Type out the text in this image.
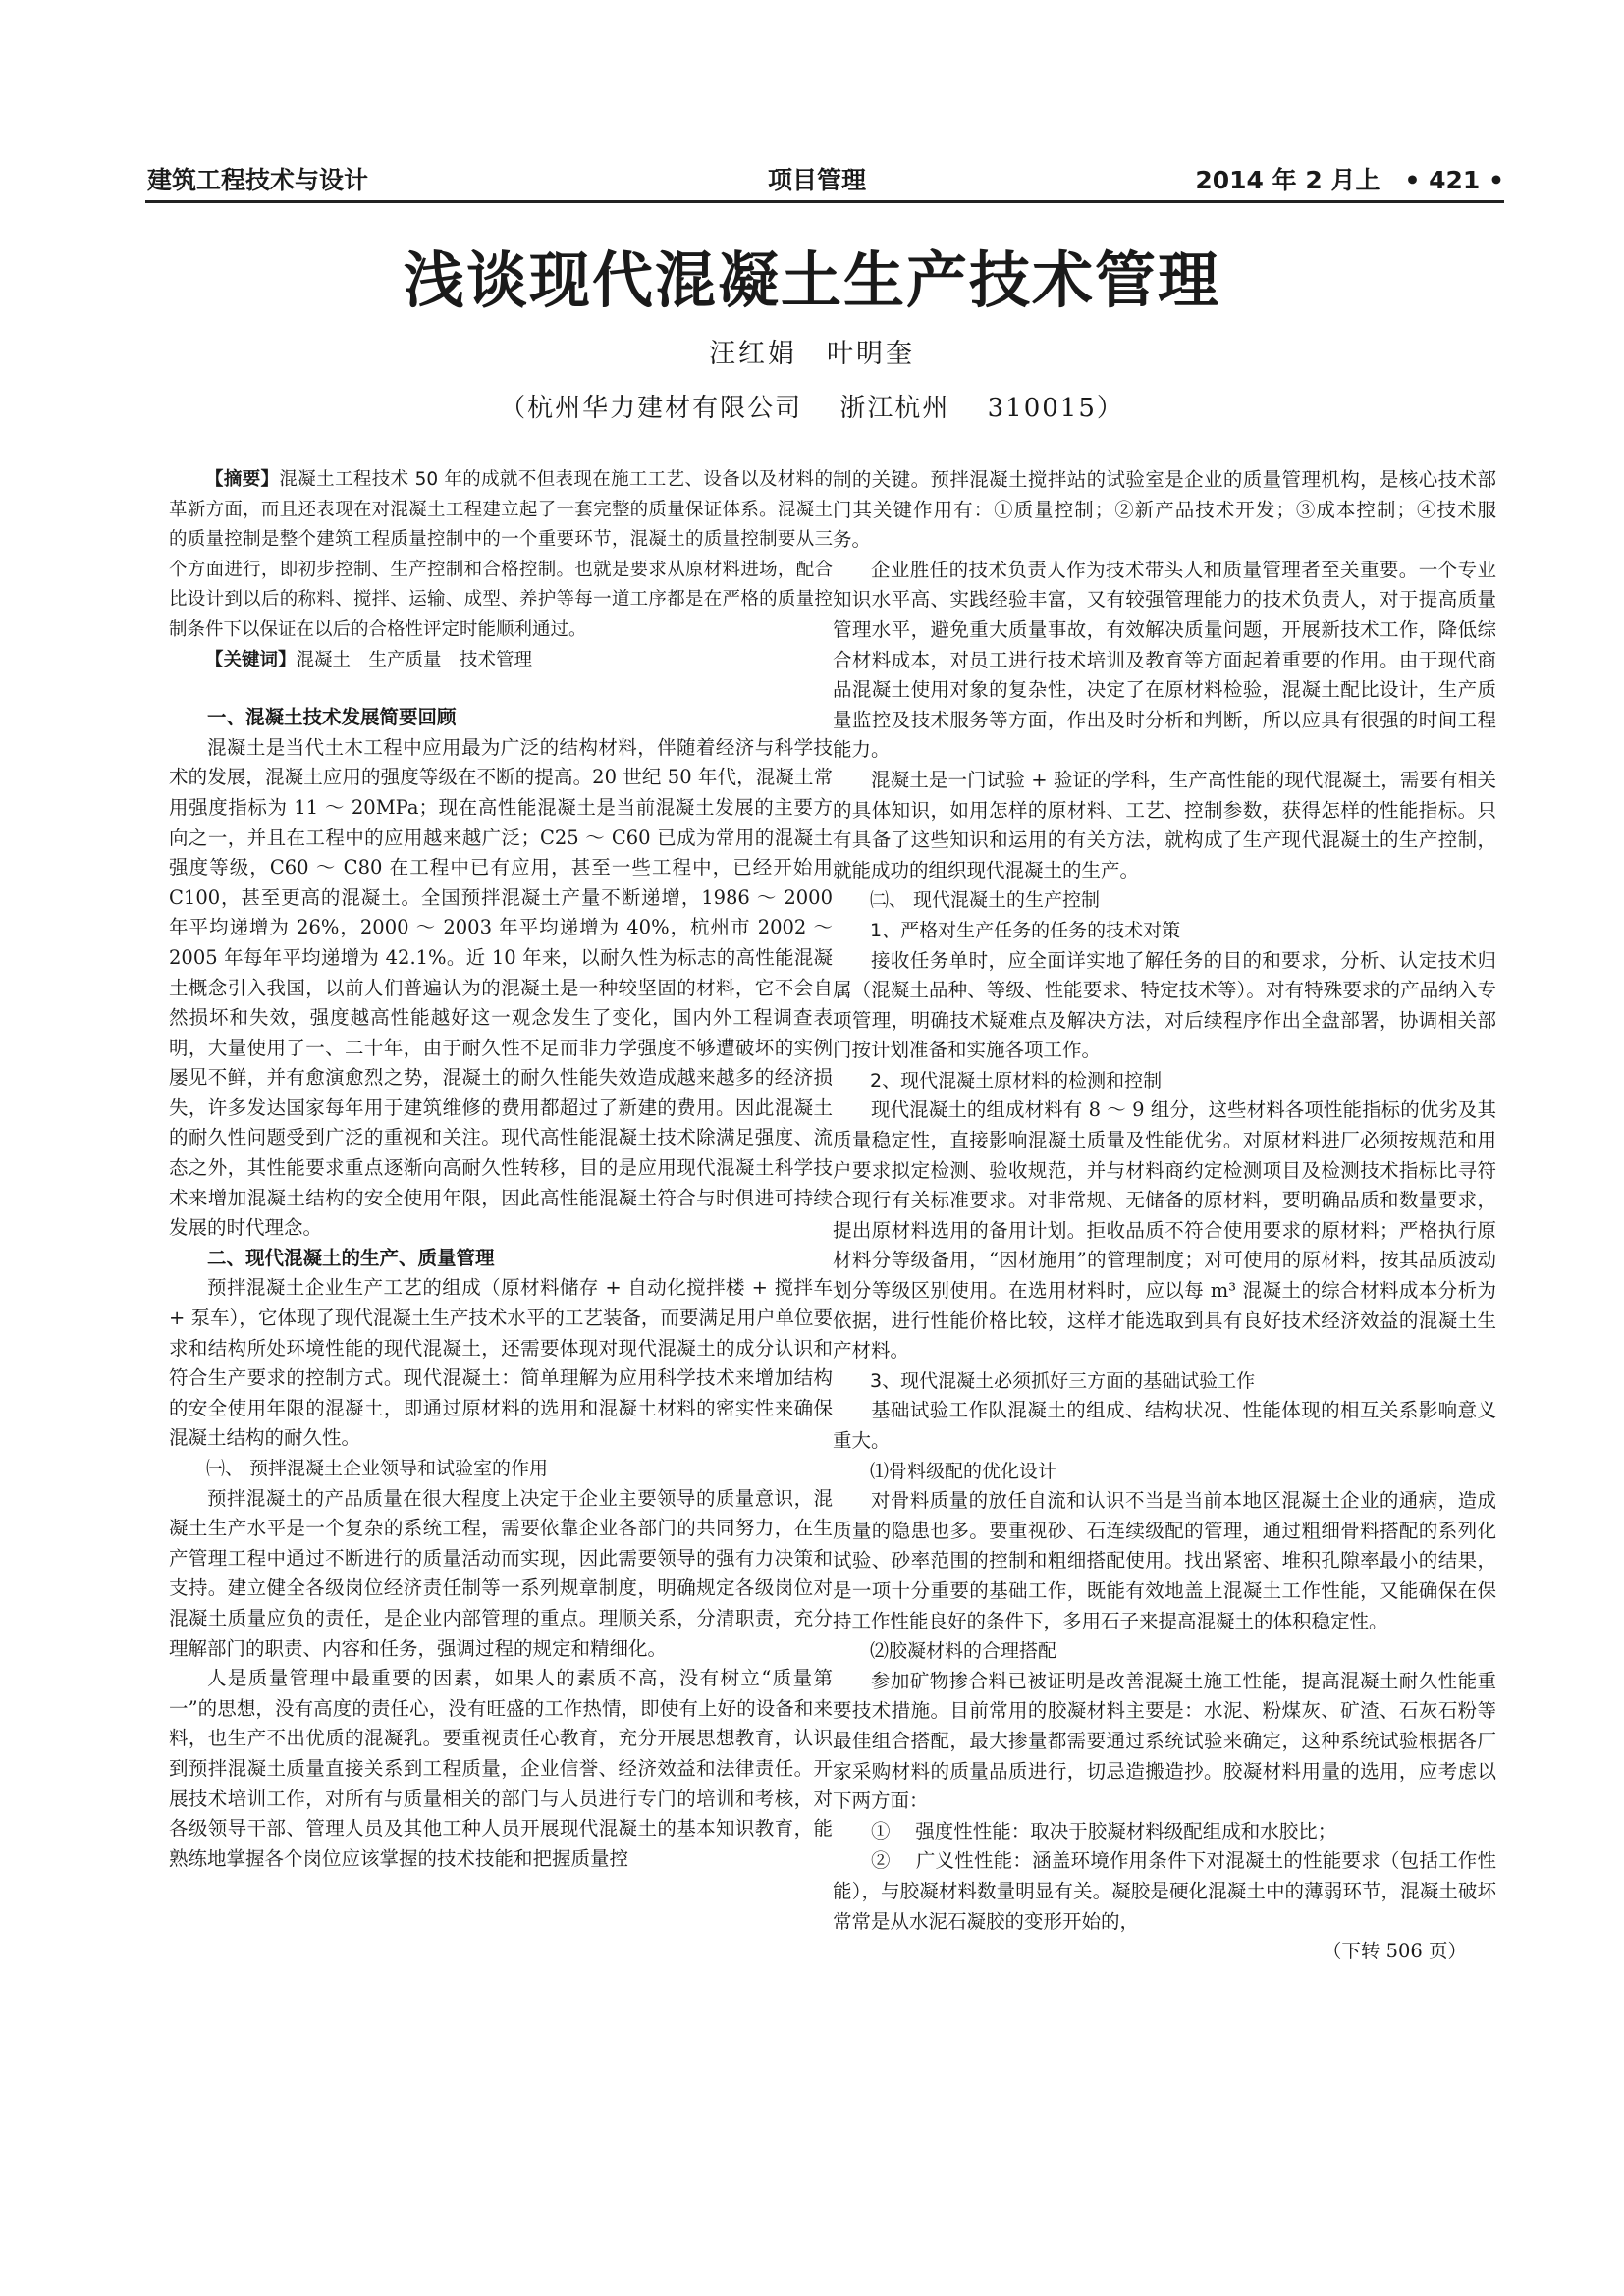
建筑工程技术与设计	项目管理	2014 年 2 月上　• 421 •
浅谈现代混凝土生产技术管理
汪红娟　叶明奎
（杭州华力建材有限公司　 浙江杭州　 310015）

【摘要】混凝土工程技术 50 年的成就不但表现在施工工艺、设备以及材料的革新方面，而且还表现在对混凝土工程建立起了一套完整的质量保证体系。混凝土的质量控制是整个建筑工程质量控制中的一个重要环节，混凝土的质量控制要从三个方面进行，即初步控制、生产控制和合格控制。也就是要求从原材料进场，配合比设计到以后的称料、搅拌、运输、成型、养护等每一道工序都是在严格的质量控制条件下以保证在以后的合格性评定时能顺利通过。

【关键词】混凝土　生产质量　技术管理

一、混凝土技术发展简要回顾

混凝土是当代土木工程中应用最为广泛的结构材料，伴随着经济与科学技术的发展，混凝土应用的强度等级在不断的提高。20 世纪 50 年代，混凝土常用强度指标为 11 ～ 20MPa；现在高性能混凝土是当前混凝土发展的主要方向之一，并且在工程中的应用越来越广泛；C25 ～ C60 已成为常用的混凝土强度等级，C60 ～ C80 在工程中已有应用，甚至一些工程中，已经开始用 C100，甚至更高的混凝土。全国预拌混凝土产量不断递增，1986 ～ 2000 年平均递增为 26%，2000 ～ 2003 年平均递增为 40%，杭州市 2002 ～ 2005 年每年平均递增为 42.1%。近 10 年来，以耐久性为标志的高性能混凝土概念引入我国，以前人们普遍认为的混凝土是一种较坚固的材料，它不会自然损坏和失效，强度越高性能越好这一观念发生了变化，国内外工程调查表明，大量使用了一、二十年，由于耐久性不足而非力学强度不够遭破坏的实例屡见不鲜，并有愈演愈烈之势，混凝土的耐久性能失效造成越来越多的经济损失，许多发达国家每年用于建筑维修的费用都超过了新建的费用。因此混凝土的耐久性问题受到广泛的重视和关注。现代高性能混凝土技术除满足强度、流态之外，其性能要求重点逐渐向高耐久性转移，目的是应用现代混凝土科学技术来增加混凝土结构的安全使用年限，因此高性能混凝土符合与时俱进可持续发展的时代理念。

二、现代混凝土的生产、质量管理

预拌混凝土企业生产工艺的组成（原材料储存 + 自动化搅拌楼 + 搅拌车 + 泵车），它体现了现代混凝土生产技术水平的工艺装备，而要满足用户单位要求和结构所处环境性能的现代混凝土，还需要体现对现代混凝土的成分认识和符合生产要求的控制方式。现代混凝土：简单理解为应用科学技术来增加结构的安全使用年限的混凝土，即通过原材料的选用和混凝土材料的密实性来确保混凝土结构的耐久性。

㈠、 预拌混凝土企业领导和试验室的作用

预拌混凝土的产品质量在很大程度上决定于企业主要领导的质量意识，混凝土生产水平是一个复杂的系统工程，需要依靠企业各部门的共同努力，在生产管理工程中通过不断进行的质量活动而实现，因此需要领导的强有力决策和支持。建立健全各级岗位经济责任制等一系列规章制度，明确规定各级岗位对混凝土质量应负的责任，是企业内部管理的重点。理顺关系，分清职责，充分理解部门的职责、内容和任务，强调过程的规定和精细化。

人是质量管理中最重要的因素，如果人的素质不高，没有树立“质量第一”的思想，没有高度的责任心，没有旺盛的工作热情，即使有上好的设备和来料，也生产不出优质的混凝乳。要重视责任心教育，充分开展思想教育，认识到预拌混凝土质量直接关系到工程质量，企业信誉、经济效益和法律责任。开展技术培训工作，对所有与质量相关的部门与人员进行专门的培训和考核，对各级领导干部、管理人员及其他工种人员开展现代混凝土的基本知识教育，能熟练地掌握各个岗位应该掌握的技术技能和把握质量控

制的关键。预拌混凝土搅拌站的试验室是企业的质量管理机构，是核心技术部门其关键作用有：①质量控制；②新产品技术开发；③成本控制；④技术服务。

企业胜任的技术负责人作为技术带头人和质量管理者至关重要。一个专业知识水平高、实践经验丰富，又有较强管理能力的技术负责人，对于提高质量管理水平，避免重大质量事故，有效解决质量问题，开展新技术工作，降低综合材料成本，对员工进行技术培训及教育等方面起着重要的作用。由于现代商品混凝土使用对象的复杂性，决定了在原材料检验，混凝土配比设计，生产质量监控及技术服务等方面，作出及时分析和判断，所以应具有很强的时间工程能力。

混凝土是一门试验 + 验证的学科，生产高性能的现代混凝土，需要有相关的具体知识，如用怎样的原材料、工艺、控制参数，获得怎样的性能指标。只有具备了这些知识和运用的有关方法，就构成了生产现代混凝土的生产控制，就能成功的组织现代混凝土的生产。

㈡、 现代混凝土的生产控制

1、严格对生产任务的任务的技术对策

接收任务单时，应全面详实地了解任务的目的和要求，分析、认定技术归属（混凝土品种、等级、性能要求、特定技术等）。对有特殊要求的产品纳入专项管理，明确技术疑难点及解决方法，对后续程序作出全盘部署，协调相关部门按计划准备和实施各项工作。

2、现代混凝土原材料的检测和控制

现代混凝土的组成材料有 8 ～ 9 组分，这些材料各项性能指标的优劣及其质量稳定性，直接影响混凝土质量及性能优劣。对原材料进厂必须按规范和用户要求拟定检测、验收规范，并与材料商约定检测项目及检测技术指标比寻符合现行有关标准要求。对非常规、无储备的原材料，要明确品质和数量要求，提出原材料选用的备用计划。拒收品质不符合使用要求的原材料；严格执行原材料分等级备用，“因材施用”的管理制度；对可使用的原材料，按其品质波动划分等级区别使用。在选用材料时，应以每 m³ 混凝土的综合材料成本分析为依据，进行性能价格比较，这样才能选取到具有良好技术经济效益的混凝土生产材料。

3、现代混凝土必须抓好三方面的基础试验工作

基础试验工作队混凝土的组成、结构状况、性能体现的相互关系影响意义重大。

⑴骨料级配的优化设计

对骨料质量的放任自流和认识不当是当前本地区混凝土企业的通病，造成质量的隐患也多。要重视砂、石连续级配的管理，通过粗细骨料搭配的系列化试验、砂率范围的控制和粗细搭配使用。找出紧密、堆积孔隙率最小的结果，是一项十分重要的基础工作，既能有效地盖上混凝土工作性能，又能确保在保持工作性能良好的条件下，多用石子来提高混凝土的体积稳定性。

⑵胶凝材料的合理搭配

参加矿物掺合料已被证明是改善混凝土施工性能，提高混凝土耐久性能重要技术措施。目前常用的胶凝材料主要是：水泥、粉煤灰、矿渣、石灰石粉等最佳组合搭配，最大掺量都需要通过系统试验来确定，这种系统试验根据各厂家采购材料的质量品质进行，切忌造搬造抄。胶凝材料用量的选用，应考虑以下两方面：

①　 强度性性能：取决于胶凝材料级配组成和水胶比；

②　 广义性性能：涵盖环境作用条件下对混凝土的性能要求（包括工作性能），与胶凝材料数量明显有关。凝胶是硬化混凝土中的薄弱环节，混凝土破坏常常是从水泥石凝胶的变形开始的，

（下转 506 页）
